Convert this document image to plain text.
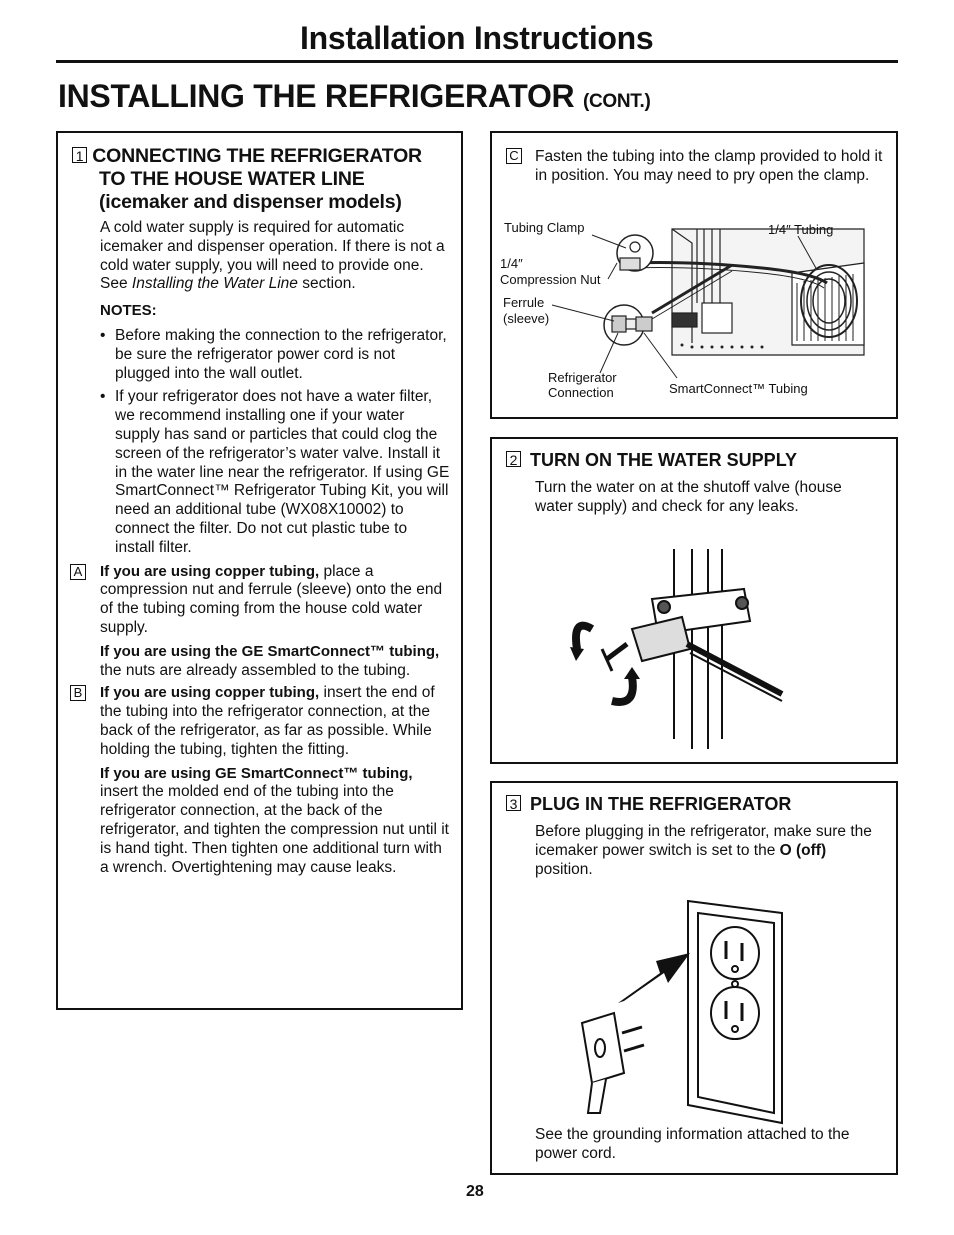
Installation Instructions
INSTALLING THE REFRIGERATOR (CONT.)
1 CONNECTING THE REFRIGERATOR
TO THE HOUSE WATER LINE
(icemaker and dispenser models)

A cold water supply is required for automatic icemaker and dispenser operation. If there is not a cold water supply, you will need to provide one. See Installing the Water Line section.

NOTES:

• Before making the connection to the refrigerator, be sure the refrigerator power cord is not plugged into the wall outlet.

• If your refrigerator does not have a water filter, we recommend installing one if your water supply has sand or particles that could clog the screen of the refrigerator’s water valve. Install it in the water line near the refrigerator. If using GE SmartConnect™ Refrigerator Tubing Kit, you will need an additional tube (WX08X10002) to connect the filter. Do not cut plastic tube to install filter.

A If you are using copper tubing, place a compression nut and ferrule (sleeve) onto the end of the tubing coming from the house cold water supply.

If you are using the GE SmartConnect™ tubing, the nuts are already assembled to the tubing.

B If you are using copper tubing, insert the end of the tubing into the refrigerator connection, at the back of the refrigerator, as far as possible. While holding the tubing, tighten the fitting.

If you are using GE SmartConnect™ tubing, insert the molded end of the tubing into the refrigerator connection, at the back of the refrigerator, and tighten the compression nut until it is hand tight. Then tighten one additional turn with a wrench. Overtightening may cause leaks.

C Fasten the tubing into the clamp provided to hold it in position. You may need to pry open the clamp.

Tubing Clamp	1/4″ Tubing
1/4″
Compression Nut
Ferrule
(sleeve)
Refrigerator
Connection	SmartConnect™ Tubing
2 TURN ON THE WATER SUPPLY

Turn the water on at the shutoff valve (house water supply) and check for any leaks.

3 PLUG IN THE REFRIGERATOR

Before plugging in the refrigerator, make sure the icemaker power switch is set to the O (off) position.

See the grounding information attached to the power cord.

28
